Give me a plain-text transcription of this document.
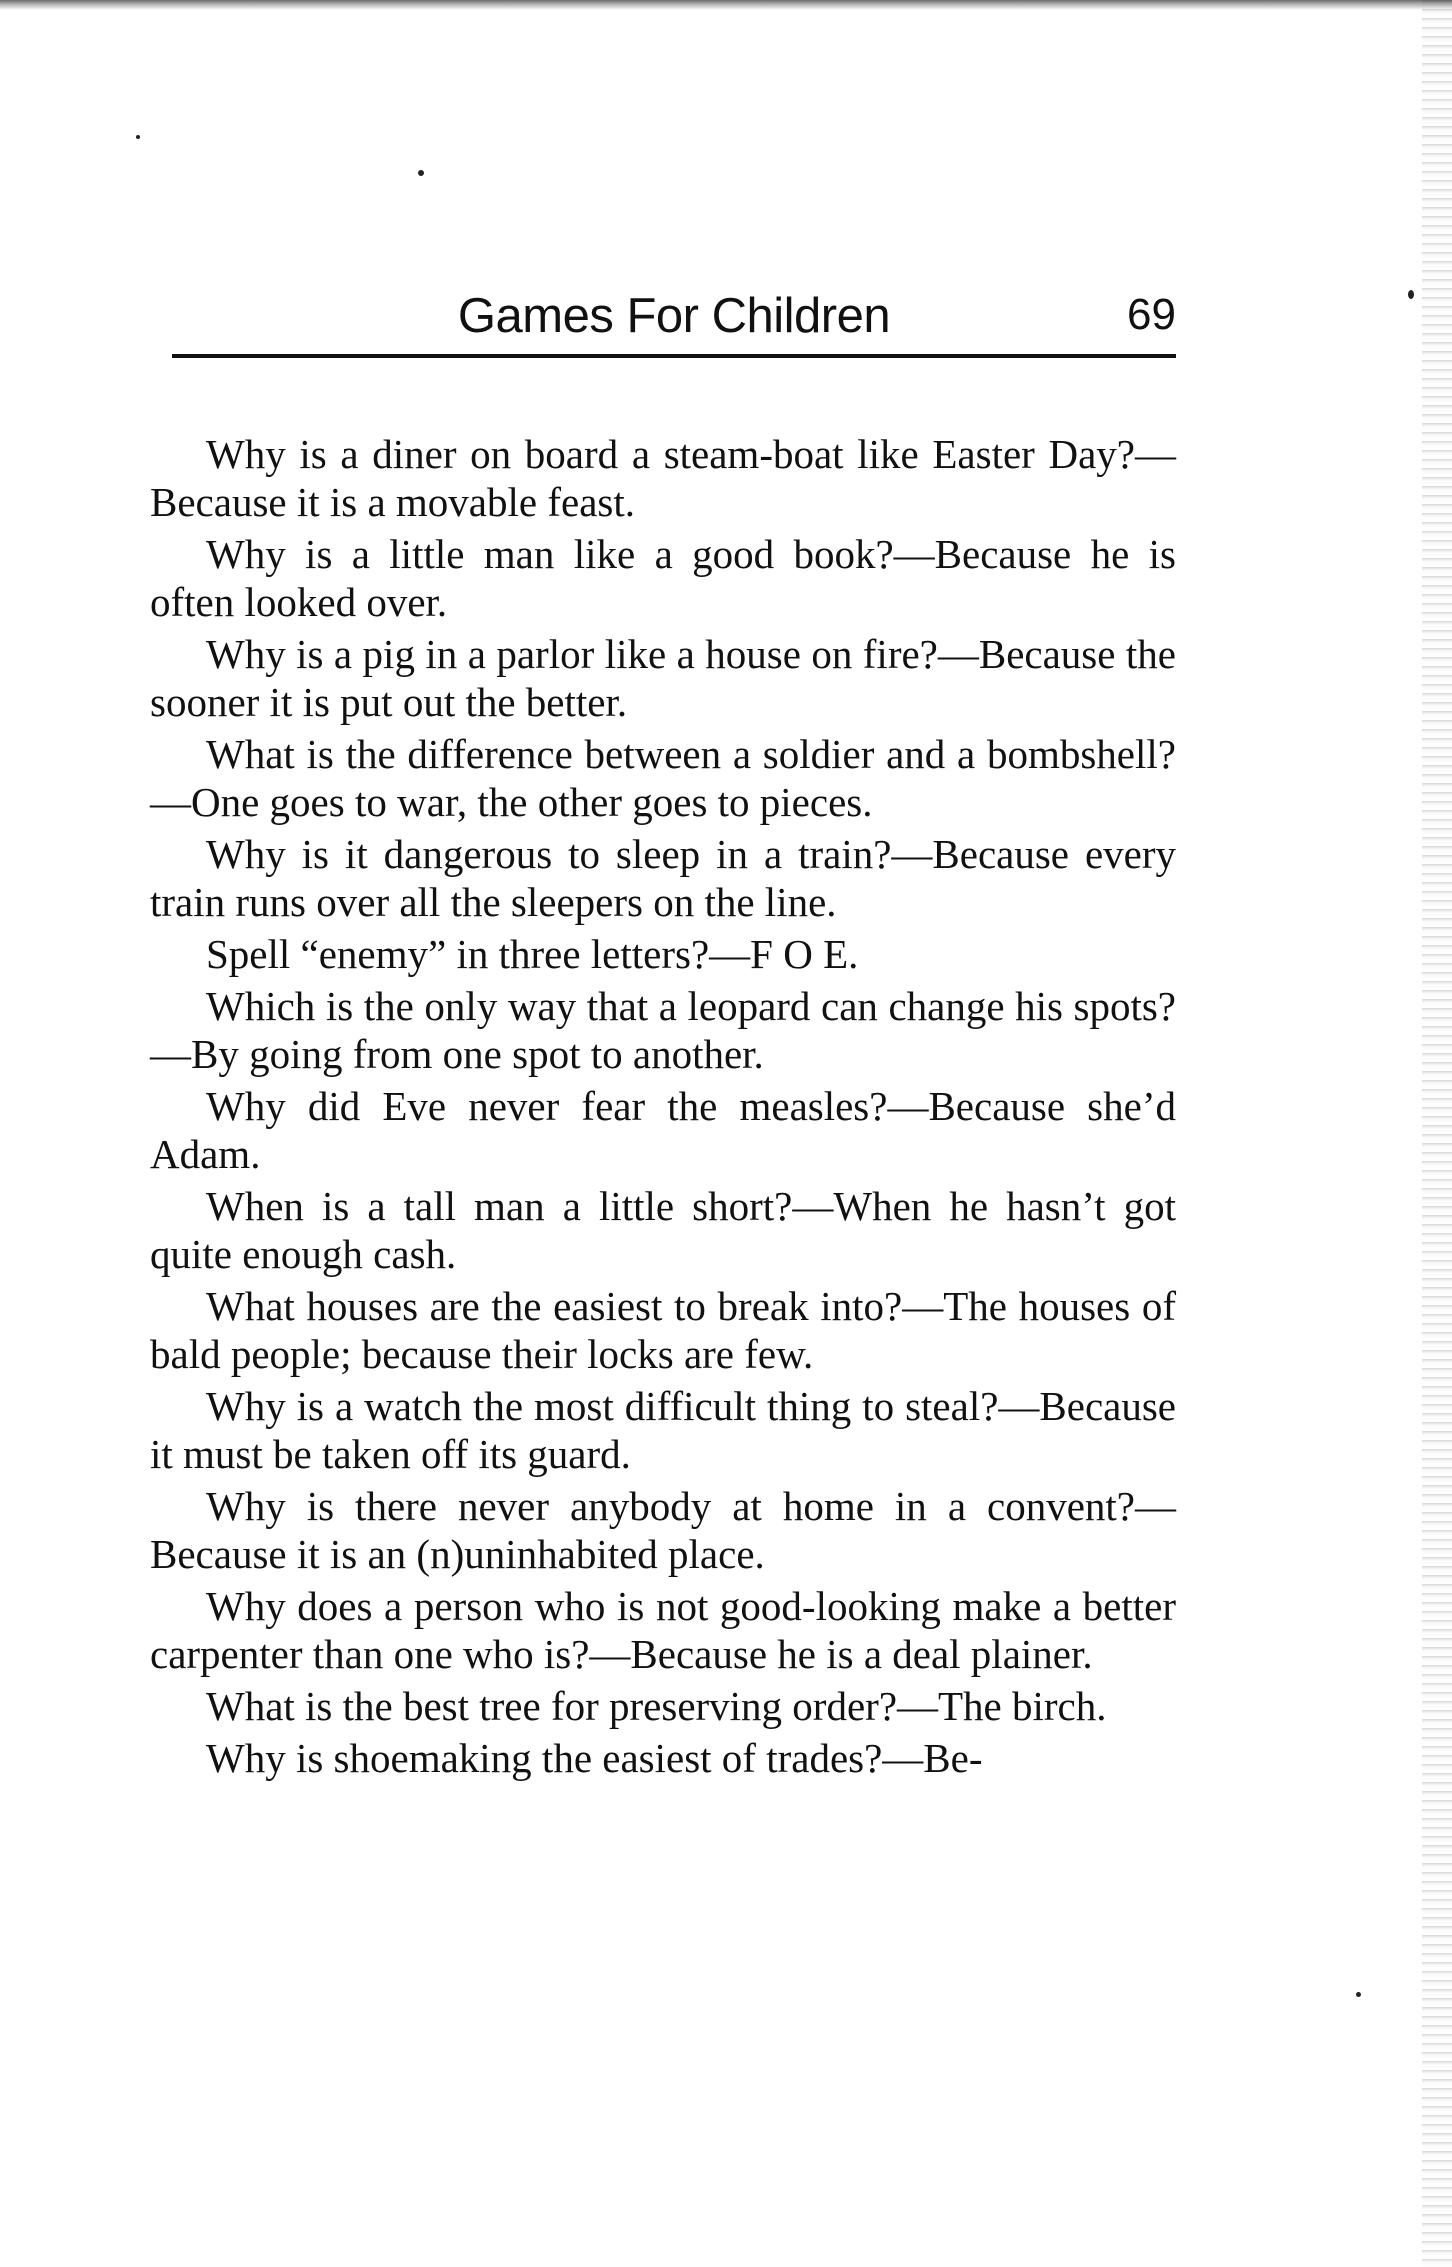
Games For Children	69

Why is a diner on board a steam-boat like Easter Day?—Because it is a movable feast.

Why is a little man like a good book?—Because he is often looked over.

Why is a pig in a parlor like a house on fire?—Because the sooner it is put out the better.

What is the difference between a soldier and a bombshell?—One goes to war, the other goes to pieces.

Why is it dangerous to sleep in a train?—Because every train runs over all the sleepers on the line.

Spell “enemy” in three letters?—F O E.

Which is the only way that a leopard can change his spots?—By going from one spot to another.

Why did Eve never fear the measles?—Because she’d Adam.

When is a tall man a little short?—When he hasn’t got quite enough cash.

What houses are the easiest to break into?—The houses of bald people; because their locks are few.

Why is a watch the most difficult thing to steal?—Because it must be taken off its guard.

Why is there never anybody at home in a convent?—Because it is an (n)uninhabited place.

Why does a person who is not good-looking make a better carpenter than one who is?—Because he is a deal plainer.

What is the best tree for preserving order?—The birch.

Why is shoemaking the easiest of trades?—Be-
